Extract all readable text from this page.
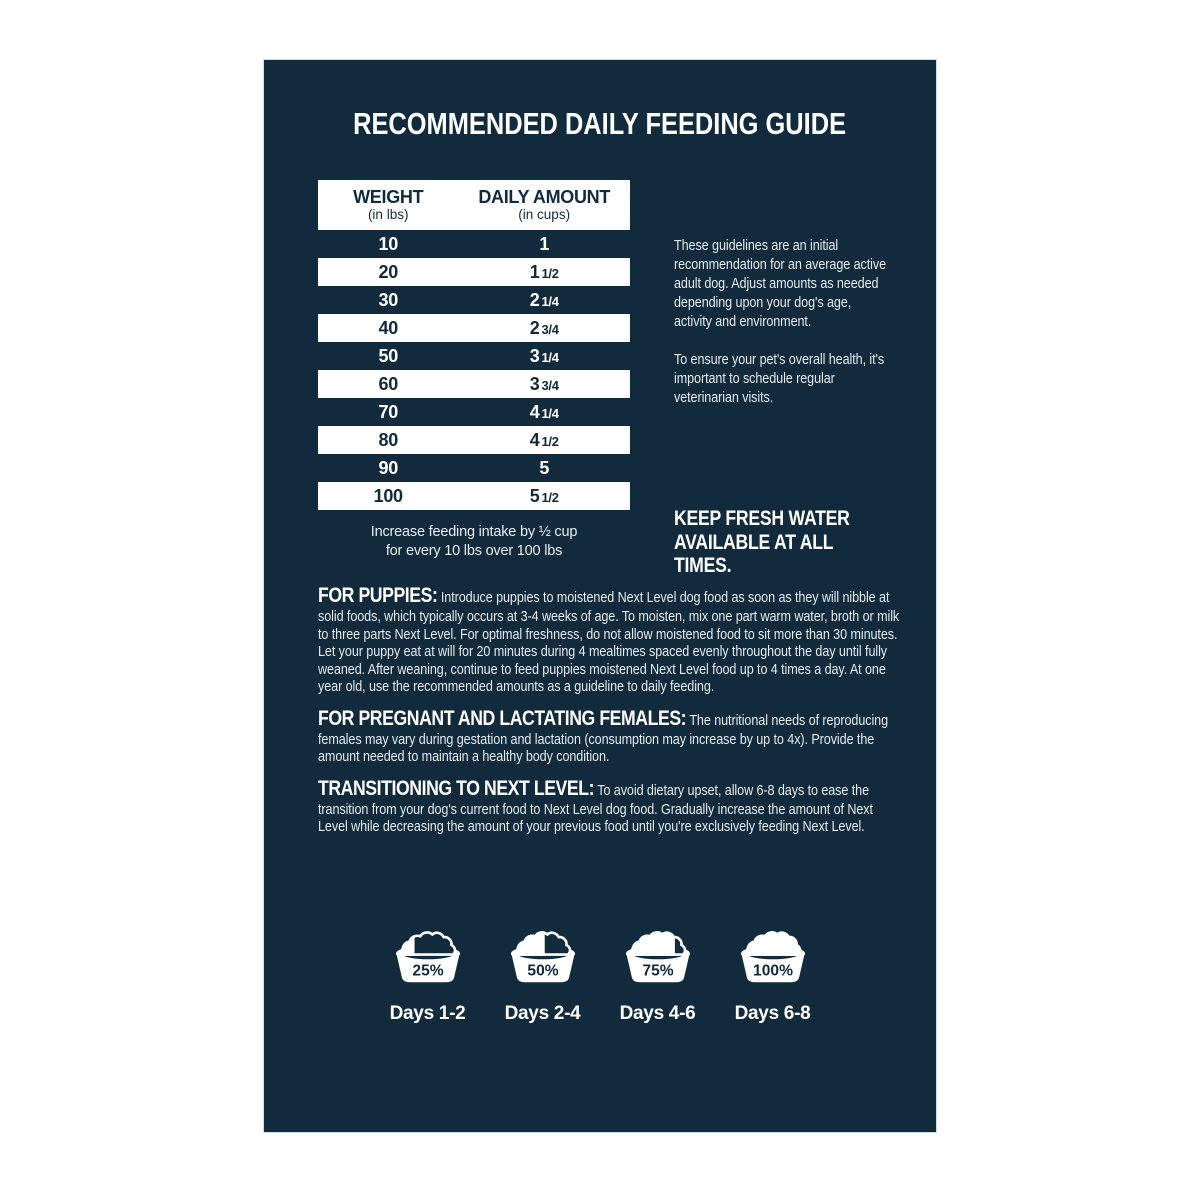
RECOMMENDED DAILY FEEDING GUIDE
WEIGHT
(in lbs)
DAILY AMOUNT
(in cups)
10	1
20	1 1/2
30	2 1/4
40	2 3/4
50	3 1/4
60	3 3/4
70	4 1/4
80	4 1/2
90	5
100	5 1/2
Increase feeding intake by ½ cup
for every 10 lbs over 100 lbs

These guidelines are an initial recommendation for an average active adult dog. Adjust amounts as needed depending upon your dog's age, activity and environment.

To ensure your pet's overall health, it's important to schedule regular veterinarian visits.

KEEP FRESH WATER AVAILABLE AT ALL TIMES.

FOR PUPPIES: Introduce puppies to moistened Next Level dog food as soon as they will nibble at solid foods, which typically occurs at 3-4 weeks of age. To moisten, mix one part warm water, broth or milk to three parts Next Level. For optimal freshness, do not allow moistened food to sit more than 30 minutes. Let your puppy eat at will for 20 minutes during 4 mealtimes spaced evenly throughout the day until fully weaned. After weaning, continue to feed puppies moistened Next Level food up to 4 times a day. At one year old, use the recommended amounts as a guideline to daily feeding.

FOR PREGNANT AND LACTATING FEMALES: The nutritional needs of reproducing females may vary during gestation and lactation (consumption may increase by up to 4x). Provide the amount needed to maintain a healthy body condition.

TRANSITIONING TO NEXT LEVEL: To avoid dietary upset, allow 6-8 days to ease the transition from your dog's current food to Next Level dog food. Gradually increase the amount of Next Level while decreasing the amount of your previous food until you're exclusively feeding Next Level.

25%
Days 1-2
50%
Days 2-4
75%
Days 4-6
100%
Days 6-8
